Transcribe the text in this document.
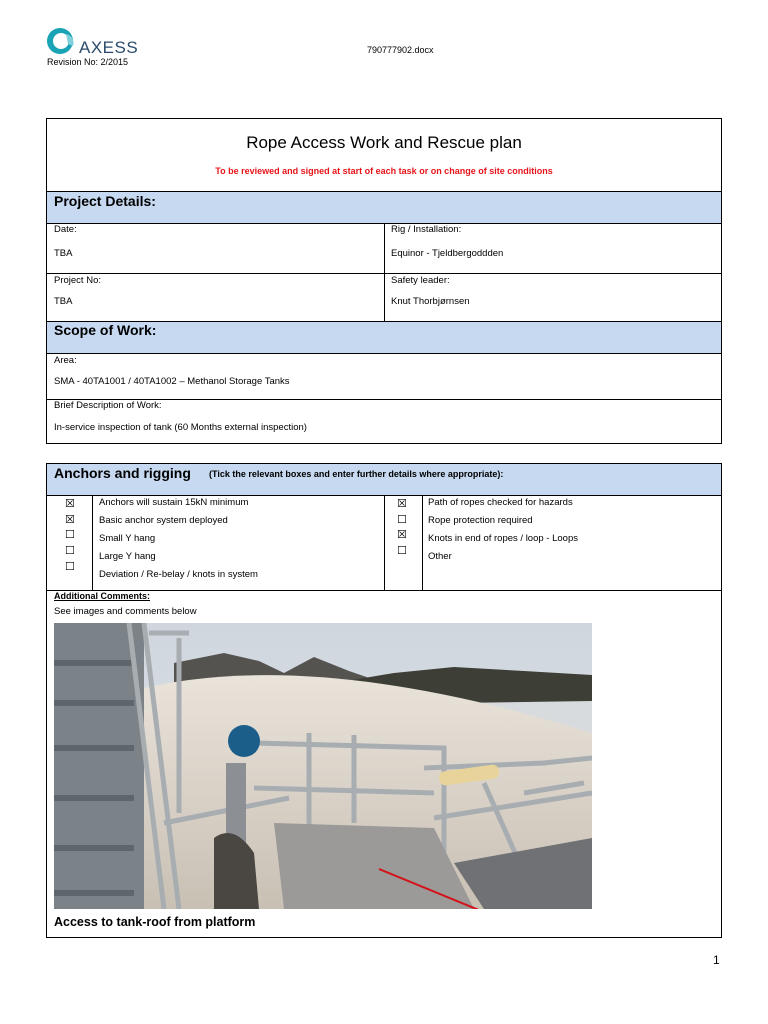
AXESS
Revision No: 2/2015
790777902.docx
Rope Access Work and Rescue plan
To be reviewed and signed at start of each task or on change of site conditions
Project Details:
Date:
TBA
Rig / Installation:
Equinor - Tjeldbergoddden
Project No:
TBA
Safety leader:
Knut Thorbjørnsen
Scope of Work:
Area:
SMA - 40TA1001 / 40TA1002 – Methanol Storage Tanks
Brief Description of Work:
In-service inspection of tank (60 Months external inspection)
Anchors and rigging (Tick the relevant boxes and enter further details where appropriate):
☒
☒
☐
☐
☐
Anchors will sustain 15kN minimum
Basic anchor system deployed
Small Y hang
Large Y hang
Deviation / Re-belay / knots in system
☒
☐
☒
☐
Path of ropes checked for hazards
Rope protection required
Knots in end of ropes / loop - Loops
Other
Additional Comments:
See images and comments below
Access to tank-roof from platform
1
